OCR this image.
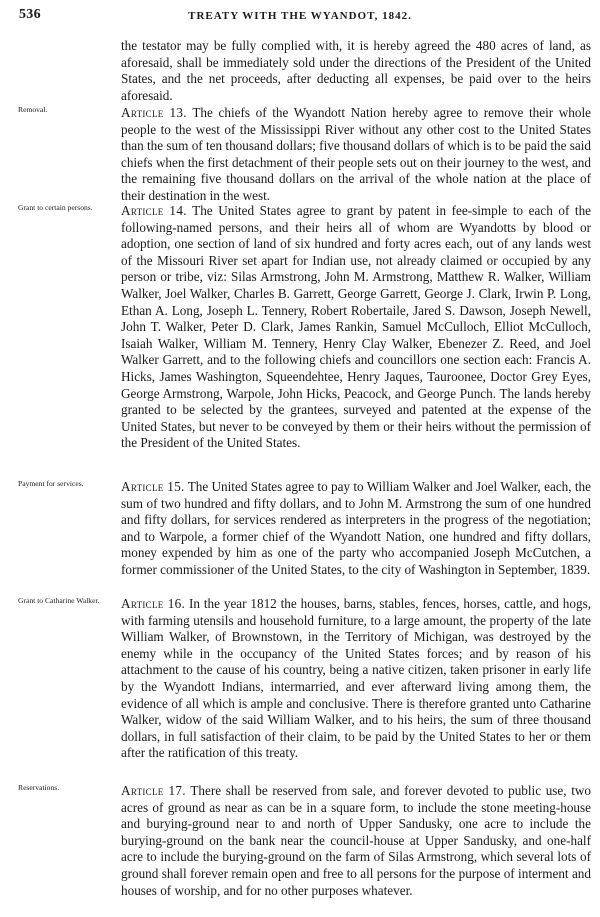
536	TREATY WITH THE WYANDOT, 1842.

the testator may be fully complied with, it is hereby agreed the 480 acres of land, as aforesaid, shall be immediately sold under the directions of the President of the United States, and the net proceeds, after deducting all expenses, be paid over to the heirs aforesaid.

Removal.	Article 13. The chiefs of the Wyandott Nation hereby agree to remove their whole people to the west of the Mississippi River without any other cost to the United States than the sum of ten thousand dollars; five thousand dollars of which is to be paid the said chiefs when the first detachment of their people sets out on their journey to the west, and the remaining five thousand dollars on the arrival of the whole nation at the place of their destination in the west.

Grant to certain persons.	Article 14. The United States agree to grant by patent in fee-simple to each of the following-named persons, and their heirs all of whom are Wyandotts by blood or adoption, one section of land of six hundred and forty acres each, out of any lands west of the Missouri River set apart for Indian use, not already claimed or occupied by any person or tribe, viz: Silas Armstrong, John M. Armstrong, Matthew R. Walker, William Walker, Joel Walker, Charles B. Garrett, George Garrett, George J. Clark, Irwin P. Long, Ethan A. Long, Joseph L. Tennery, Robert Robertaile, Jared S. Dawson, Joseph Newell, John T. Walker, Peter D. Clark, James Rankin, Samuel McCulloch, Elliot McCulloch, Isaiah Walker, William M. Tennery, Henry Clay Walker, Ebenezer Z. Reed, and Joel Walker Garrett, and to the following chiefs and councillors one section each: Francis A. Hicks, James Washington, Squeendehtee, Henry Jaques, Tauroonee, Doctor Grey Eyes, George Armstrong, Warpole, John Hicks, Peacock, and George Punch. The lands hereby granted to be selected by the grantees, surveyed and patented at the expense of the United States, but never to be conveyed by them or their heirs without the permission of the President of the United States.

Payment for services.	Article 15. The United States agree to pay to William Walker and Joel Walker, each, the sum of two hundred and fifty dollars, and to John M. Armstrong the sum of one hundred and fifty dollars, for services rendered as interpreters in the progress of the negotiation; and to Warpole, a former chief of the Wyandott Nation, one hundred and fifty dollars, money expended by him as one of the party who accompanied Joseph McCutchen, a former commissioner of the United States, to the city of Washington in September, 1839.

Grant to Catharine Walker.	Article 16. In the year 1812 the houses, barns, stables, fences, horses, cattle, and hogs, with farming utensils and household furniture, to a large amount, the property of the late William Walker, of Brownstown, in the Territory of Michigan, was destroyed by the enemy while in the occupancy of the United States forces; and by reason of his attachment to the cause of his country, being a native citizen, taken prisoner in early life by the Wyandott Indians, intermarried, and ever afterward living among them, the evidence of all which is ample and conclusive. There is therefore granted unto Catharine Walker, widow of the said William Walker, and to his heirs, the sum of three thousand dollars, in full satisfaction of their claim, to be paid by the United States to her or them after the ratification of this treaty.

Reservations.	Article 17. There shall be reserved from sale, and forever devoted to public use, two acres of ground as near as can be in a square form, to include the stone meeting-house and burying-ground near to and north of Upper Sandusky, one acre to include the burying-ground on the bank near the council-house at Upper Sandusky, and one-half acre to include the burying-ground on the farm of Silas Armstrong, which several lots of ground shall forever remain open and free to all persons for the purpose of interment and houses of worship, and for no other purposes whatever.
